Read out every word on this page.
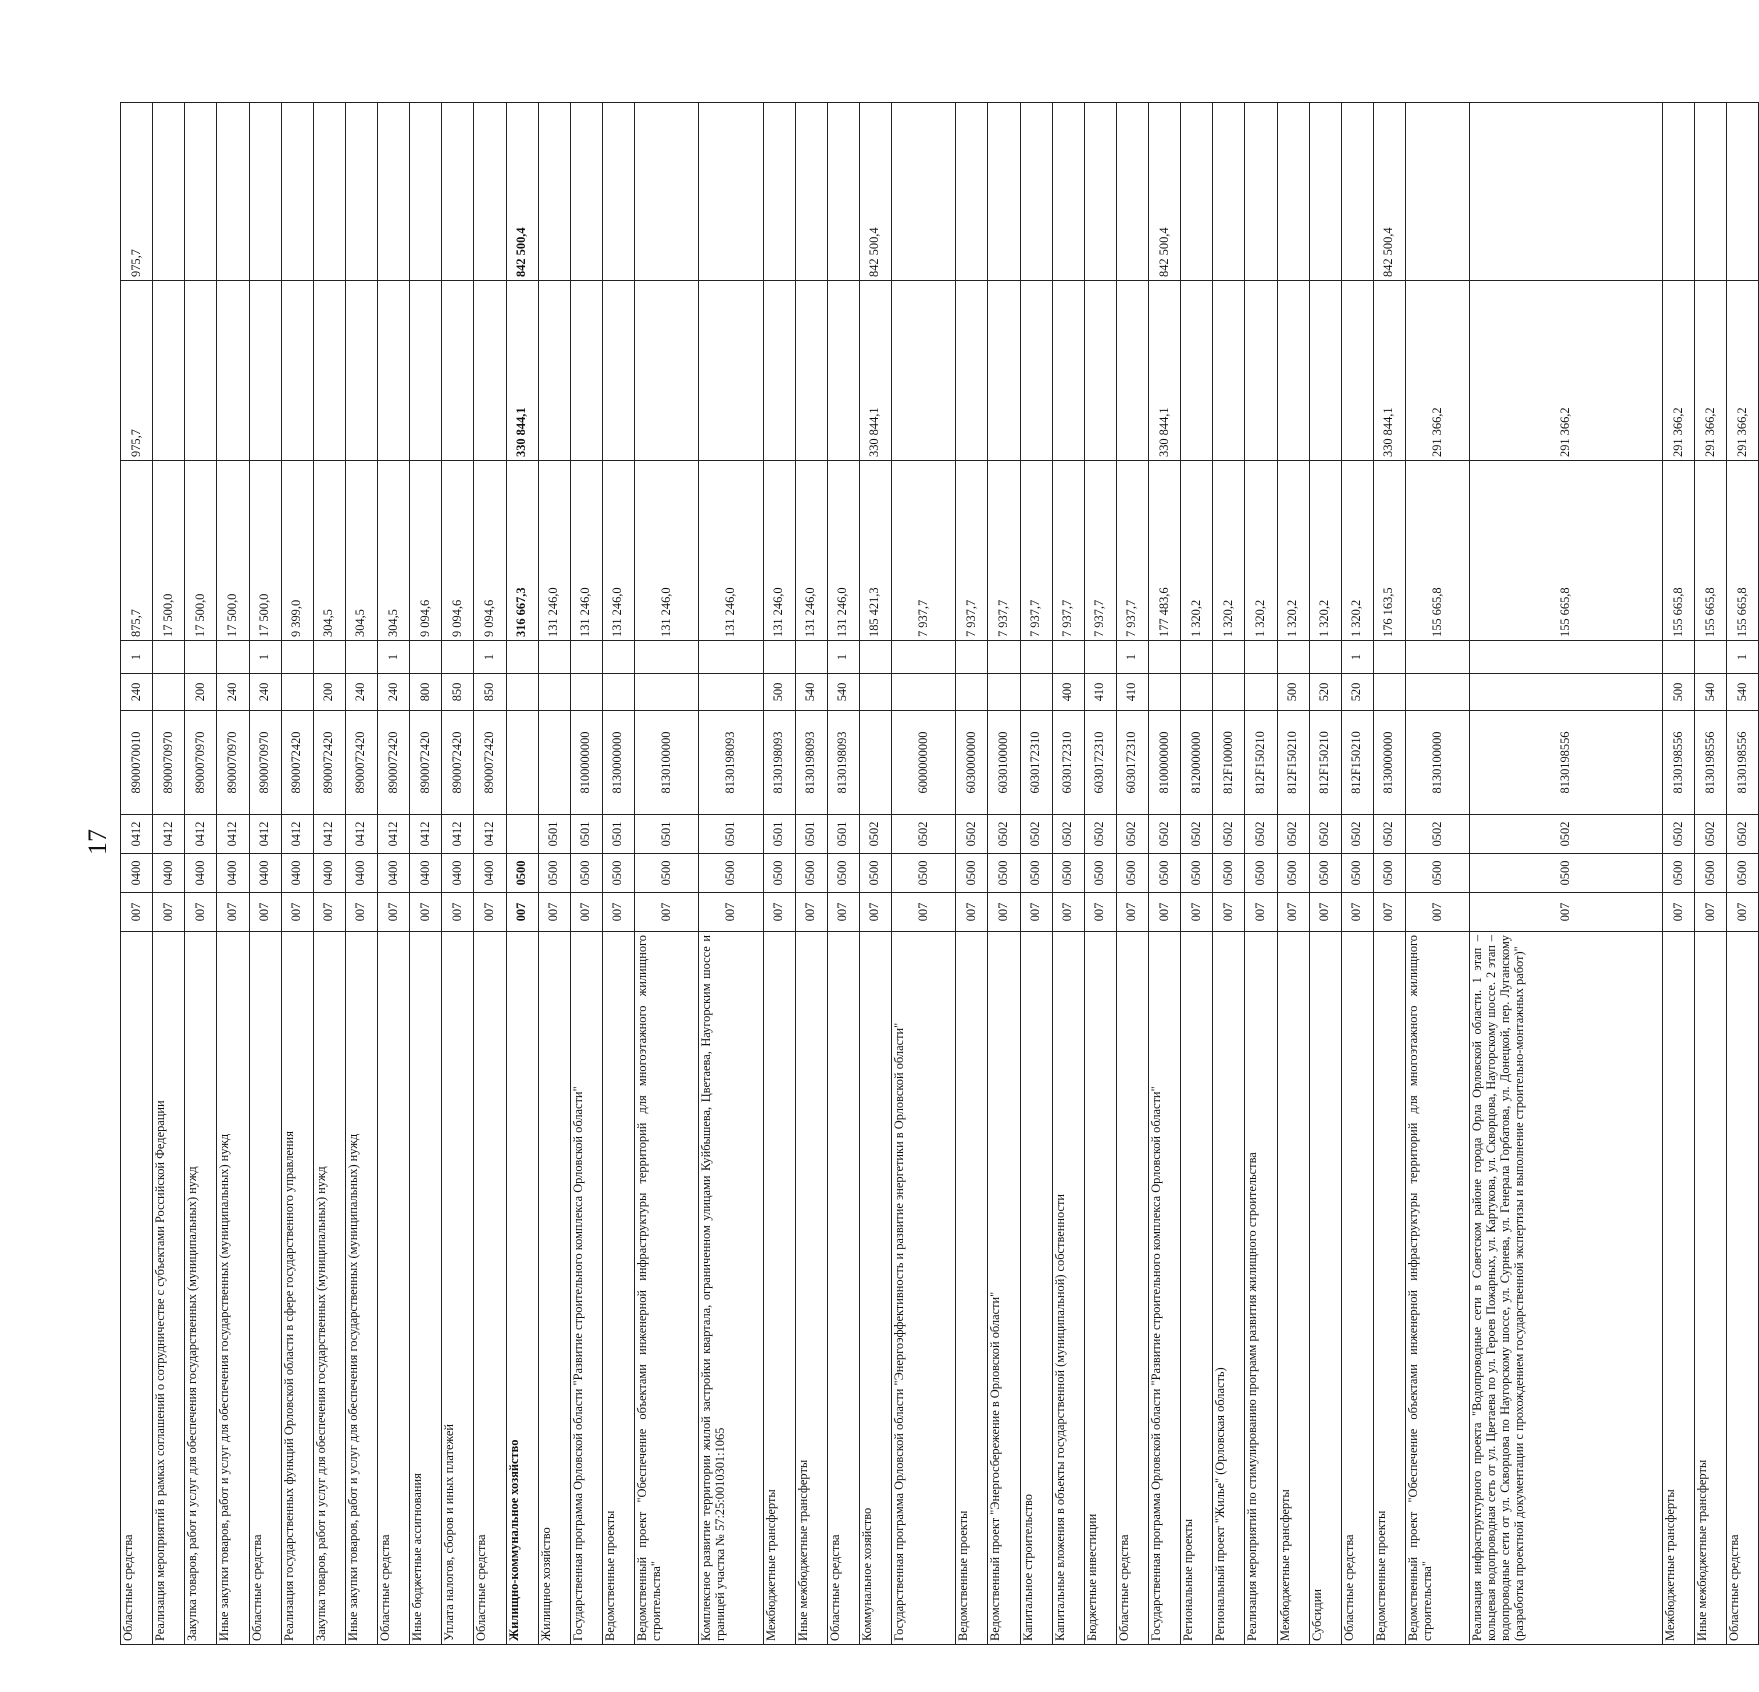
17
Областные средства	007	0400	0412	8900070010	240	1	875,7	975,7	975,7
Реализация мероприятий в рамках соглашений о сотрудничестве с субъектами Российской Федерации	007	0400	0412	8900070970			17 500,0		
Закупка товаров, работ и услуг для обеспечения государственных (муниципальных) нужд	007	0400	0412	8900070970	200		17 500,0		
Иные закупки товаров, работ и услуг для обеспечения государственных (муниципальных) нужд	007	0400	0412	8900070970	240		17 500,0		
Областные средства	007	0400	0412	8900070970	240	1	17 500,0		
Реализация государственных функций Орловской области в сфере государственного управления	007	0400	0412	8900072420			9 399,0		
Закупка товаров, работ и услуг для обеспечения государственных (муниципальных) нужд	007	0400	0412	8900072420	200		304,5		
Иные закупки товаров, работ и услуг для обеспечения государственных (муниципальных) нужд	007	0400	0412	8900072420	240		304,5		
Областные средства	007	0400	0412	8900072420	240	1	304,5		
Иные бюджетные ассигнования	007	0400	0412	8900072420	800		9 094,6		
Уплата налогов, сборов и иных платежей	007	0400	0412	8900072420	850		9 094,6		
Областные средства	007	0400	0412	8900072420	850	1	9 094,6		
Жилищно-коммунальное хозяйство	007	0500					316 667,3	330 844,1	842 500,4
Жилищное хозяйство	007	0500	0501				131 246,0		
Государственная программа Орловской области "Развитие строительного комплекса Орловской области"	007	0500	0501	8100000000			131 246,0		
Ведомственные проекты	007	0500	0501	8130000000			131 246,0		
Ведомственный проект "Обеспечение объектами инженерной инфраструктуры территорий для многоэтажного жилищного строительства"	007	0500	0501	8130100000			131 246,0		
Комплексное развитие территории жилой застройки квартала, ограниченном улицами Куйбышева, Цветаева, Наугорским шоссе и границей участка № 57:25:0010301:1065	007	0500	0501	8130198093			131 246,0		
Межбюджетные трансферты	007	0500	0501	8130198093	500		131 246,0		
Иные межбюджетные трансферты	007	0500	0501	8130198093	540		131 246,0		
Областные средства	007	0500	0501	8130198093	540	1	131 246,0		
Коммунальное хозяйство	007	0500	0502				185 421,3	330 844,1	842 500,4
Государственная программа Орловской области "Энергоэффективность и развитие энергетики в Орловской области"	007	0500	0502	6000000000			7 937,7		
Ведомственные проекты	007	0500	0502	6030000000			7 937,7		
Ведомственный проект "Энергосбережение в Орловской области"	007	0500	0502	6030100000			7 937,7		
Капитальное строительство	007	0500	0502	6030172310			7 937,7		
Капитальные вложения в объекты государственной (муниципальной) собственности	007	0500	0502	6030172310	400		7 937,7		
Бюджетные инвестиции	007	0500	0502	6030172310	410		7 937,7		
Областные средства	007	0500	0502	6030172310	410	1	7 937,7		
Государственная программа Орловской области "Развитие строительного комплекса Орловской области"	007	0500	0502	8100000000			177 483,6	330 844,1	842 500,4
Региональные проекты	007	0500	0502	8120000000			1 320,2		
Региональный проект "Жилье" (Орловская область)	007	0500	0502	812F100000			1 320,2		
Реализация мероприятий по стимулированию программ развития жилищного строительства	007	0500	0502	812F150210			1 320,2		
Межбюджетные трансферты	007	0500	0502	812F150210	500		1 320,2		
Субсидии	007	0500	0502	812F150210	520		1 320,2		
Областные средства	007	0500	0502	812F150210	520	1	1 320,2		
Ведомственные проекты	007	0500	0502	8130000000			176 163,5	330 844,1	842 500,4
Ведомственный проект "Обеспечение объектами инженерной инфраструктуры территорий для многоэтажного жилищного строительства"	007	0500	0502	8130100000			155 665,8	291 366,2	
Реализация инфраструктурного проекта "Водопроводные сети в Советском районе города Орла Орловской области. 1 этап – кольцевая водопроводная сеть от ул. Цветаева по ул. Героев Пожарных, ул. Картукова, ул. Скворцова, Наугорскому шоссе. 2 этап – водопроводные сети от ул. Скворцова по Наугорскому шоссе, ул. Сурнева, ул. Генерала Горбатова, ул. Донецкой, пер. Луганскому (разработка проектной документации с прохождением государственной экспертизы и выполнение строительно-монтажных работ)"	007	0500	0502	8130198556			155 665,8	291 366,2	
Межбюджетные трансферты	007	0500	0502	8130198556	500		155 665,8	291 366,2	
Иные межбюджетные трансферты	007	0500	0502	8130198556	540		155 665,8	291 366,2	
Областные средства	007	0500	0502	8130198556	540	1	155 665,8	291 366,2	
